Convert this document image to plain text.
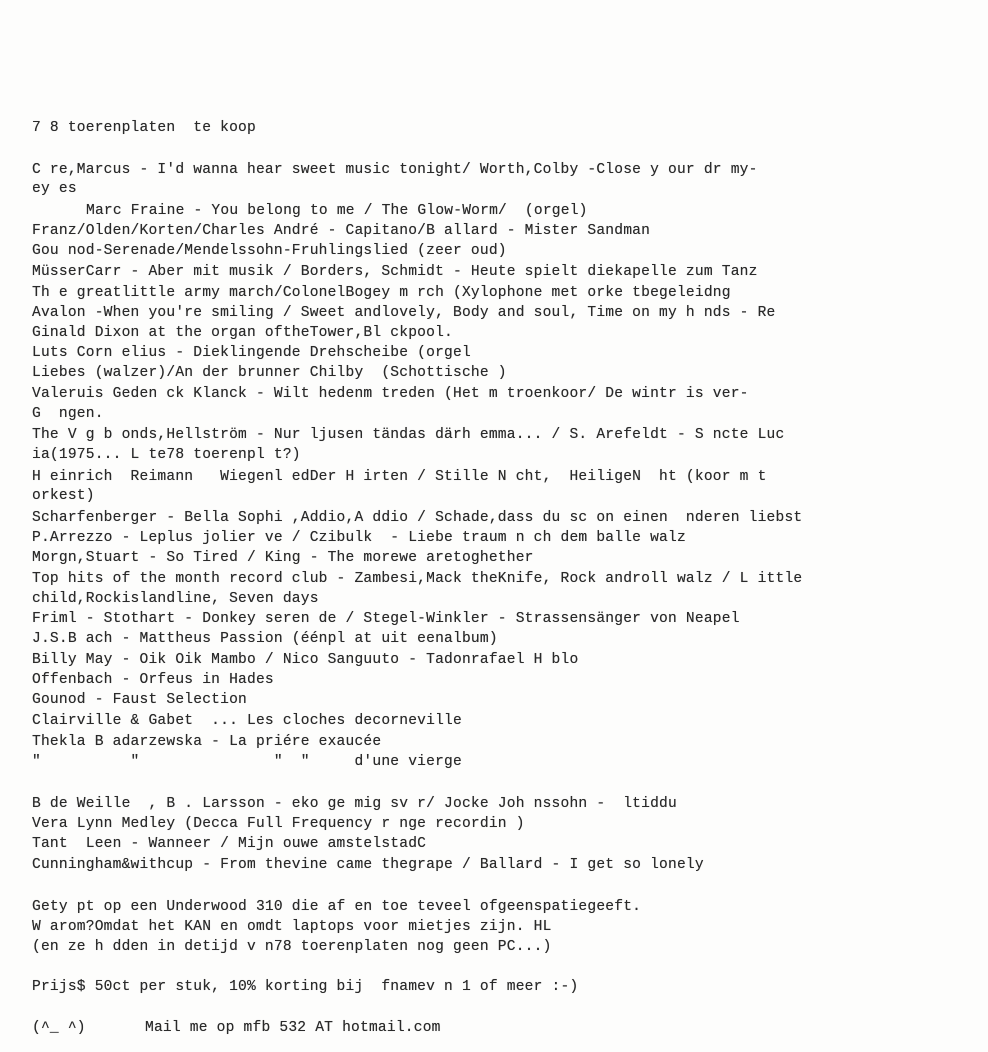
7 8 toerenplaten  te koop
C re,Marcus - I'd wanna hear sweet music tonight/ Worth,Colby -Close y our dr my-
ey es
Marc Fraine - You belong to me / The Glow-Worm/  (orgel)
Franz/Olden/Korten/Charles André - Capitano/B allard - Mister Sandman
Gou nod-Serenade/Mendelssohn-Fruhlingslied (zeer oud)
MüsserCarr - Aber mit musik / Borders, Schmidt - Heute spielt diekapelle zum Tanz
Th e greatlittle army march/ColonelBogey m rch (Xylophone met orke tbegeleidng
Avalon -When you're smiling / Sweet andlovely, Body and soul, Time on my h nds - Re
Ginald Dixon at the organ oftheTower,Bl ckpool.
Luts Corn elius - Dieklingende Drehscheibe (orgel
Liebes (walzer)/An der brunner Chilby  (Schottische )
Valeruis Geden ck Klanck - Wilt hedenm treden (Het m troenkoor/ De wintr is ver-
G  ngen.
The V g b onds,Hellström - Nur ljusen tändas därh emma... / S. Arefeldt - S ncte Luc
ia(1975... L te78 toerenpl t?)
H einrich  Reimann   Wiegenl edDer H irten / Stille N cht,  HeiligeN  ht (koor m t
orkest)
Scharfenberger - Bella Sophi ,Addio,A ddio / Schade,dass du sc on einen  nderen liebst
P.Arrezzo - Leplus jolier ve / Czibulk  - Liebe traum n ch dem balle walz
Morgn,Stuart - So Tired / King - The morewe aretoghether
Top hits of the month record club - Zambesi,Mack theKnife, Rock androll walz / L ittle
child,Rockislandline, Seven days
Friml - Stothart - Donkey seren de / Stegel-Winkler - Strassensänger von Neapel
J.S.B ach - Mattheus Passion (éénpl at uit eenalbum)
Billy May - Oik Oik Mambo / Nico Sanguuto - Tadonrafael H blo
Offenbach - Orfeus in Hades
Gounod - Faust Selection
Clairville & Gabet  ... Les cloches decorneville
Thekla B adarzewska - La priére exaucée
"          "               "  "     d'une vierge
B de Weille  , B . Larsson - eko ge mig sv r/ Jocke Joh nssohn -  ltiddu
Vera Lynn Medley (Decca Full Frequency r nge recordin )
Tant  Leen - Wanneer / Mijn ouwe amstelstadC
Cunningham&withcup - From thevine came thegrape / Ballard - I get so lonely
Gety pt op een Underwood 310 die af en toe teveel ofgeenspatiegeeft.
W arom?Omdat het KAN en omdt laptops voor mietjes zijn. HL
(en ze h dden in detijd v n78 toerenplaten nog geen PC...)
Prijs$ 50ct per stuk, 10% korting bij  fnamev n 1 of meer :-)
(^_ ^)	Mail me op mfb 532 AT hotmail.com
